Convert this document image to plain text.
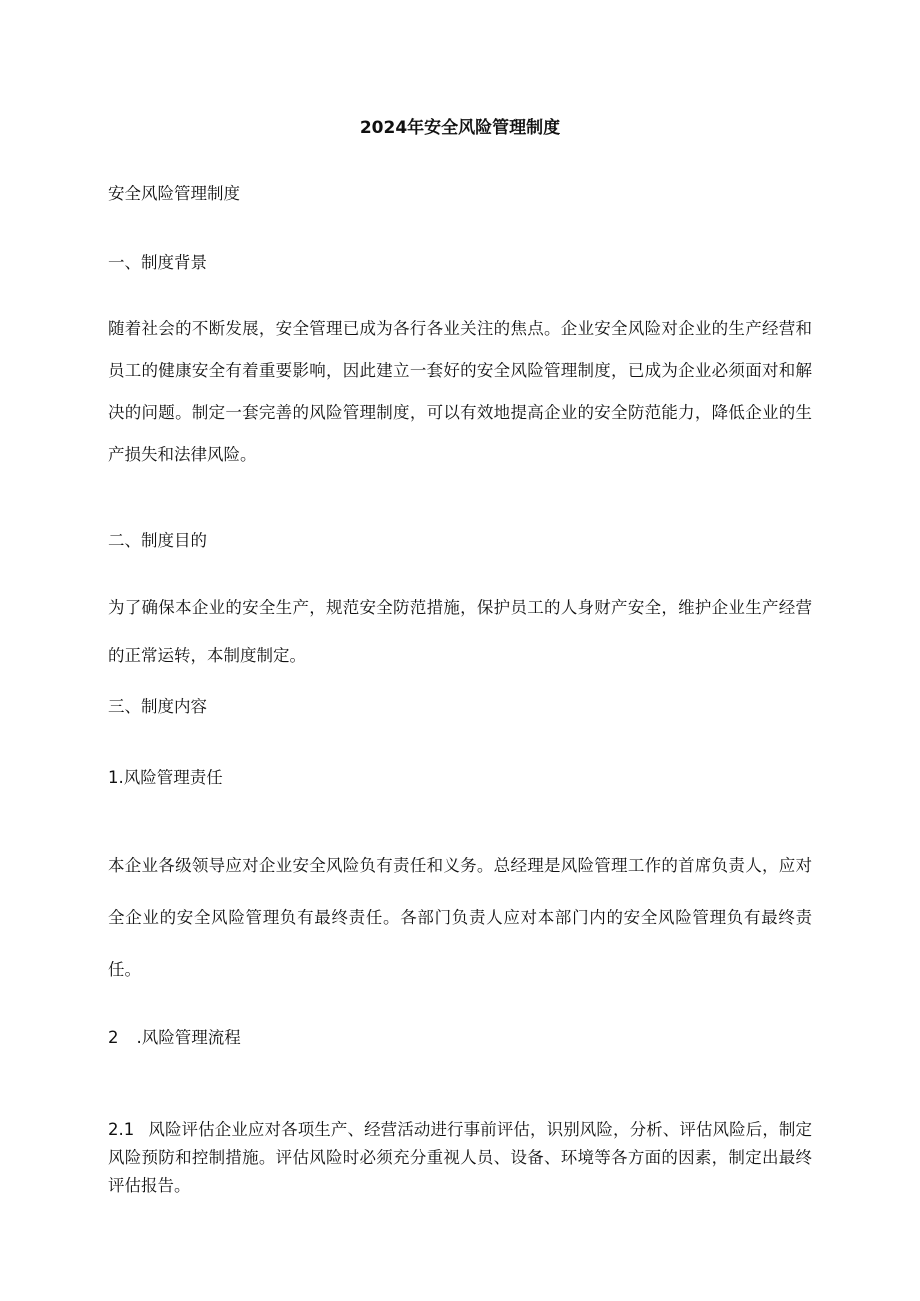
2024年安全风险管理制度
安全风险管理制度
一、制度背景

随着社会的不断发展，安全管理已成为各行各业关注的焦点。企业安全风险对企业的生产经营和员工的健康安全有着重要影响，因此建立一套好的安全风险管理制度，已成为企业必须面对和解决的问题。制定一套完善的风险管理制度，可以有效地提高企业的安全防范能力，降低企业的生产损失和法律风险。

二、制度目的

为了确保本企业的安全生产，规范安全防范措施，保护员工的人身财产安全，维护企业生产经营的正常运转，本制度制定。

三、制度内容
1.风险管理责任

本企业各级领导应对企业安全风险负有责任和义务。总经理是风险管理工作的首席负责人，应对全企业的安全风险管理负有最终责任。各部门负责人应对本部门内的安全风险管理负有最终责任。

2 .风险管理流程
2.1 风险评估企业应对各项生产、经营活动进行事前评估，识别风险，分析、评估风险后，制定风险预防和控制措施。评估风险时必须充分重视人员、设备、环境等各方面的因素，制定出最终评估报告。
